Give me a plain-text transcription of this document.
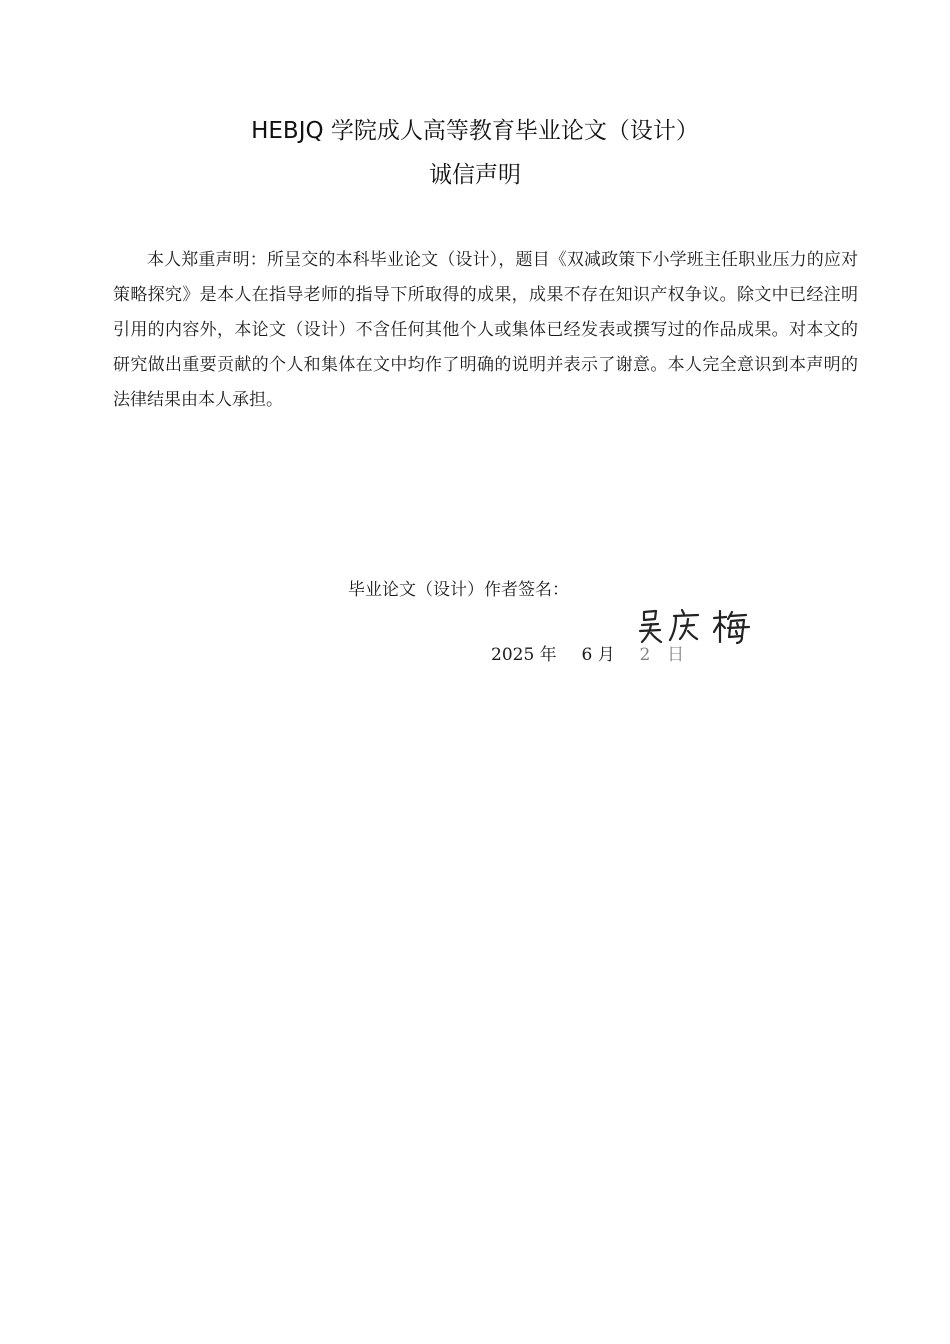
HEBJQ 学院成人高等教育毕业论文（设计）
诚信声明

本人郑重声明：所呈交的本科毕业论文（设计），题目《双减政策下小学班主任职业压力的应对策略探究》是本人在指导老师的指导下所取得的成果，成果不存在知识产权争议。除文中已经注明引用的内容外，本论文（设计）不含任何其他个人或集体已经发表或撰写过的作品成果。对本文的研究做出重要贡献的个人和集体在文中均作了明确的说明并表示了谢意。本人完全意识到本声明的法律结果由本人承担。

毕业论文（设计）作者签名：
2025 年 6 月 2 日
